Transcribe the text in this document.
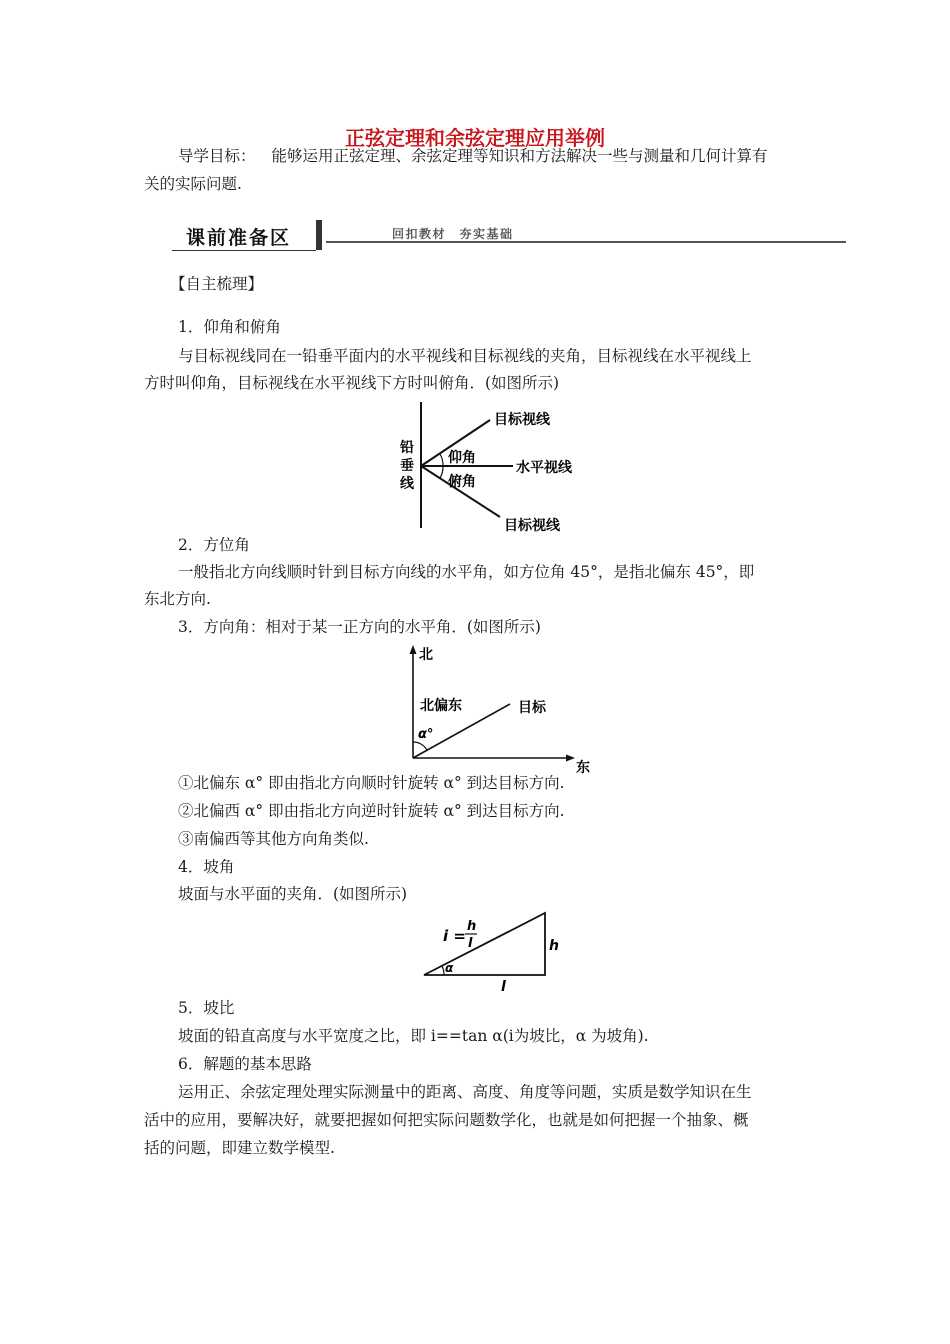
正弦定理和余弦定理应用举例
导学目标： 能够运用正弦定理、余弦定理等知识和方法解决一些与测量和几何计算有
关的实际问题.
课前准备区	回扣教材　夯实基础
【自主梳理】
1．仰角和俯角
与目标视线同在一铅垂平面内的水平视线和目标视线的夹角，目标视线在水平视线上
方时叫仰角，目标视线在水平视线下方时叫俯角．(如图所示)
铅
垂
线
目标视线
仰角
水平视线
俯角
目标视线
2．方位角
一般指北方向线顺时针到目标方向线的水平角，如方位角 45°，是指北偏东 45°，即
东北方向.
3．方向角：相对于某一正方向的水平角．(如图所示)
北
东
北偏东	目标
α°
①北偏东 α° 即由指北方向顺时针旋转 α° 到达目标方向.
②北偏西 α° 即由指北方向逆时针旋转 α° 到达目标方向.
③南偏西等其他方向角类似.
4．坡角
坡面与水平面的夹角．(如图所示)
i =
h
l	h
l
α
5．坡比
坡面的铅直高度与水平宽度之比，即 i==tan α(i为坡比，α 为坡角).
6．解题的基本思路
运用正、余弦定理处理实际测量中的距离、高度、角度等问题，实质是数学知识在生
活中的应用，要解决好，就要把握如何把实际问题数学化，也就是如何把握一个抽象、概
括的问题，即建立数学模型.
